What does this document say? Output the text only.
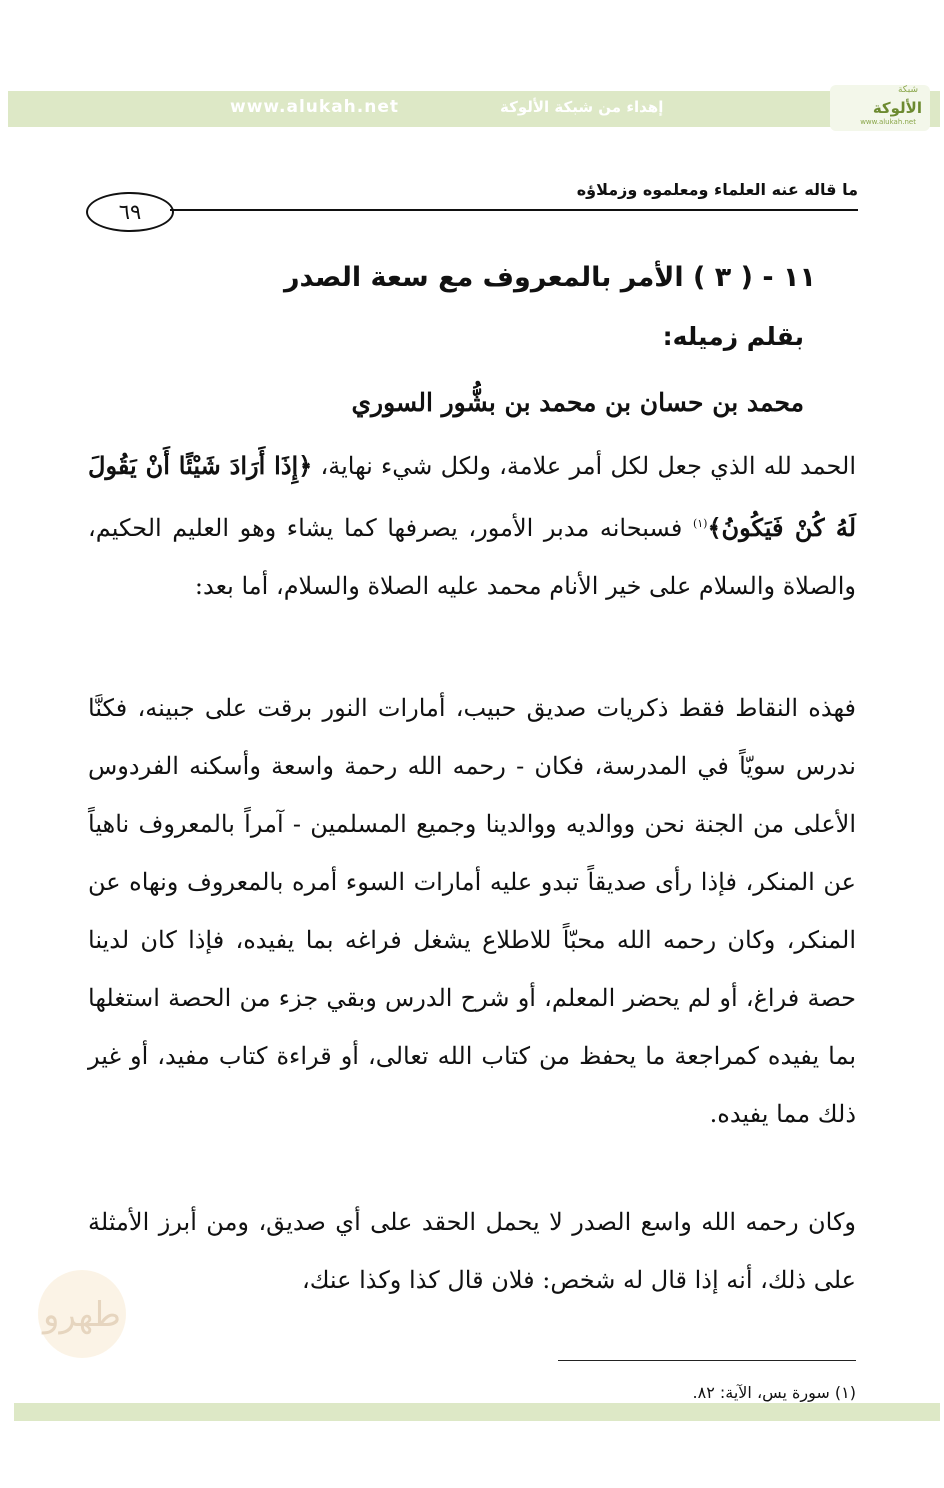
www.alukah.net	إهداء من شبكة الألوكة
شبكة
الألوكة
www.alukah.net
ما قاله عنه العلماء ومعلموه وزملاؤه
٦٩
١١ - ( ٣ ) الأمر بالمعروف مع سعة الصدر
بقلم زميله:
محمد بن حسان بن محمد بن بشُّور السوري
الحمد لله الذي جعل لكل أمر علامة، ولكل شيء نهاية، ﴿إِذَا أَرَادَ شَيْئًا أَنْ يَقُولَ لَهُ كُنْ فَيَكُونُ﴾$^{(١)}$ فسبحانه مدبر الأمور، يصرفها كما يشاء وهو العليم الحكيم، والصلاة والسلام على خير الأنام محمد عليه الصلاة والسلام، أما بعد:
فهذه النقاط فقط ذكريات صديق حبيب، أمارات النور برقت على جبينه، فكنَّا ندرس سويّاً في المدرسة، فكان - رحمه الله رحمة واسعة وأسكنه الفردوس الأعلى من الجنة نحن ووالديه ووالدينا وجميع المسلمين - آمراً بالمعروف ناهياً عن المنكر، فإذا رأى صديقاً تبدو عليه أمارات السوء أمره بالمعروف ونهاه عن المنكر، وكان رحمه الله محبّاً للاطلاع يشغل فراغه بما يفيده، فإذا كان لدينا حصة فراغ، أو لم يحضر المعلم، أو شرح الدرس وبقي جزء من الحصة استغلها بما يفيده كمراجعة ما يحفظ من كتاب الله تعالى، أو قراءة كتاب مفيد، أو غير ذلك مما يفيده.
وكان رحمه الله واسع الصدر لا يحمل الحقد على أي صديق، ومن أبرز الأمثلة على ذلك، أنه إذا قال له شخص: فلان قال كذا وكذا عنك،
طهرو
(١) سورة يس، الآية: ٨٢.
